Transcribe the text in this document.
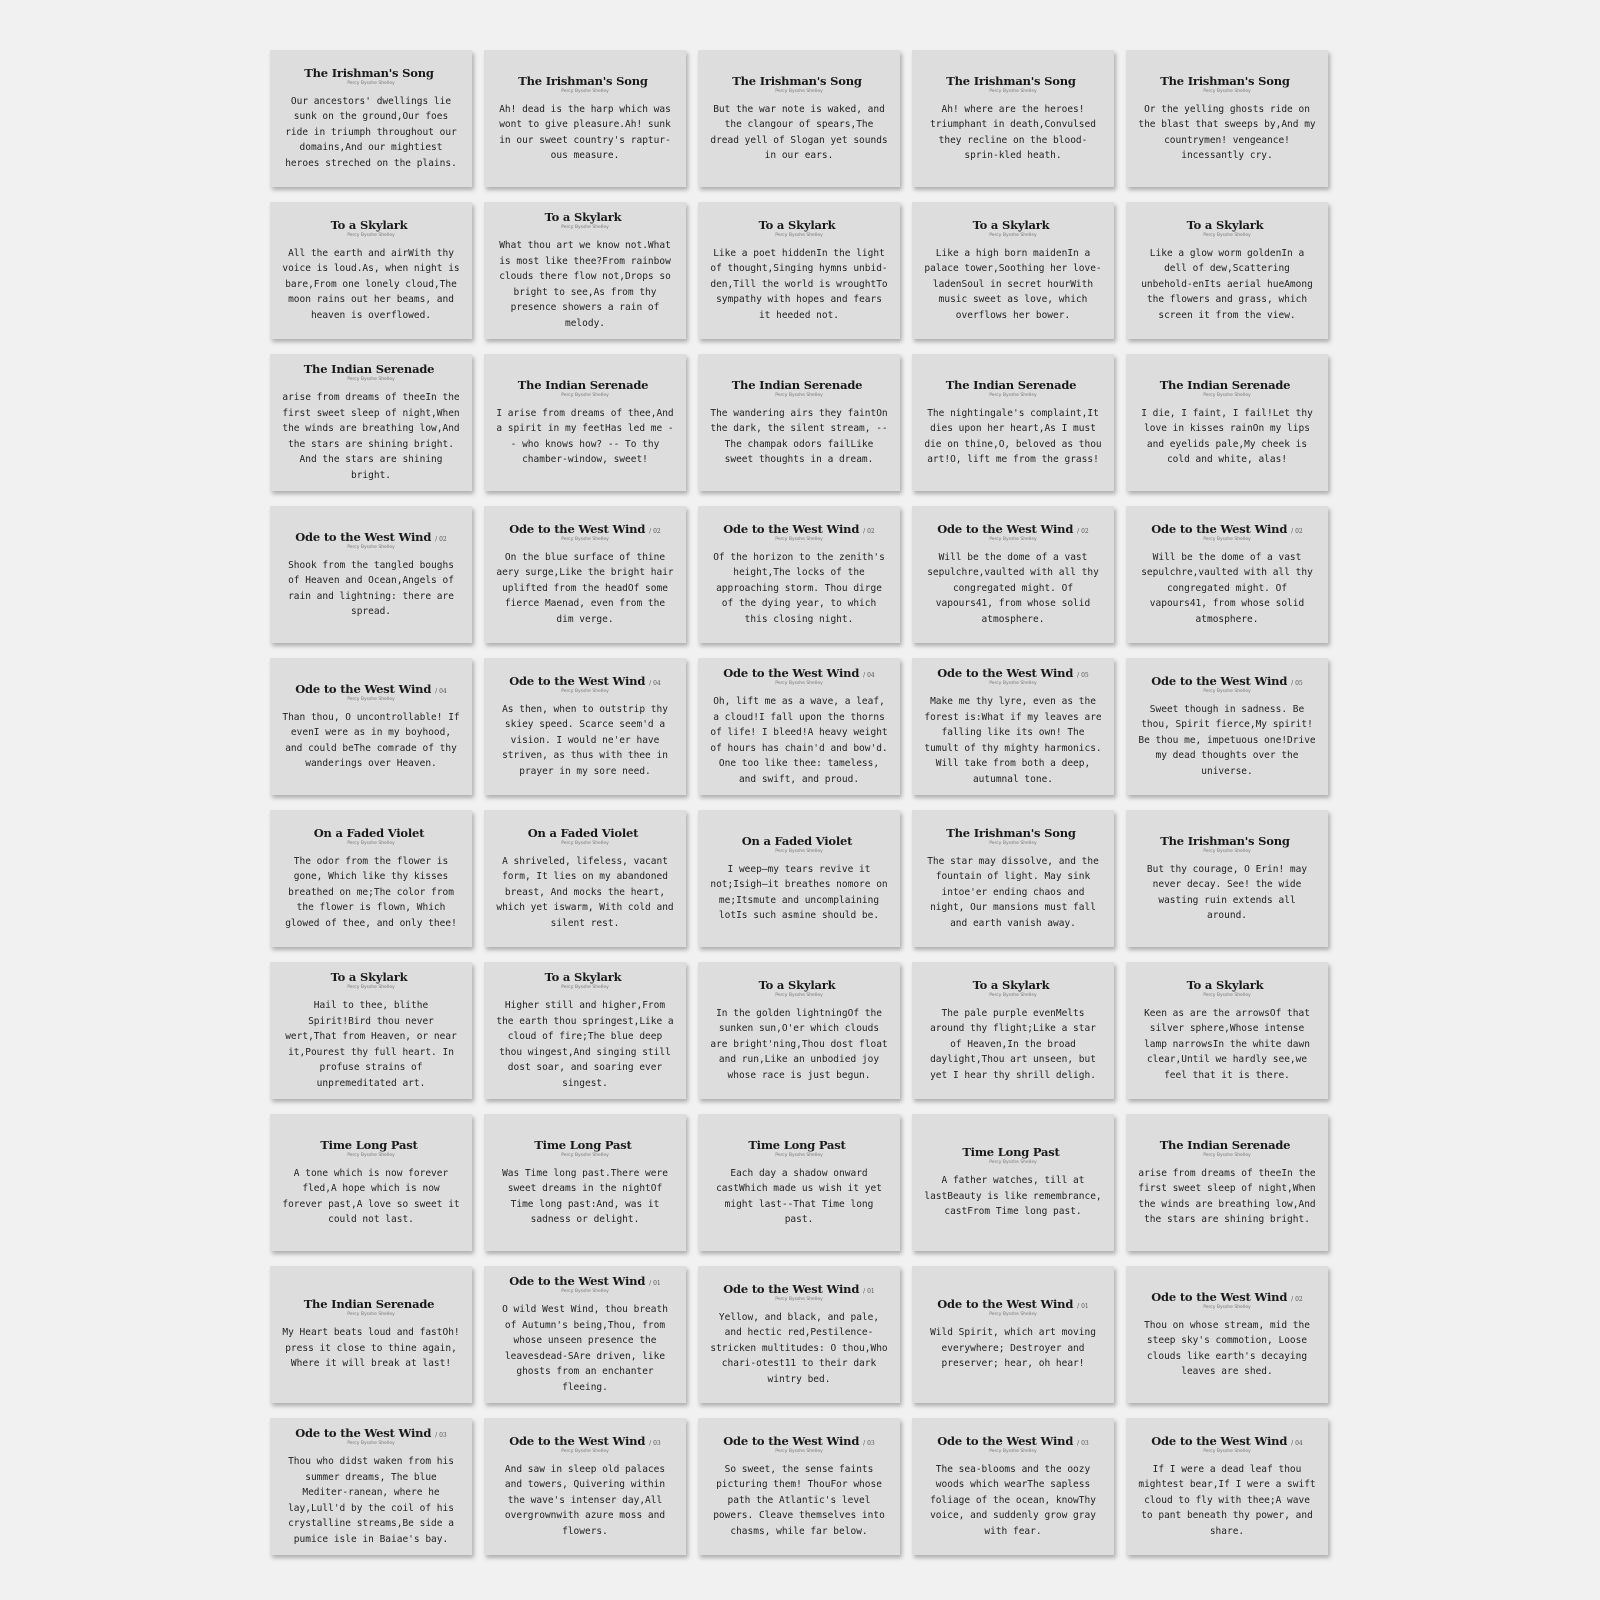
The Irishman's Song
Percy Bysshe Shelley
Our ancestors' dwellings lie sunk on the ground,Our foes ride in triumph throughout our domains,And our mightiest heroes streched on the plains.
The Irishman's Song
Percy Bysshe Shelley
Ah! dead is the harp which was wont to give pleasure.Ah! sunk in our sweet country's raptur-ous measure.
The Irishman's Song
Percy Bysshe Shelley
But the war note is waked, and the clangour of spears,The dread yell of Slogan yet sounds in our ears.
The Irishman's Song
Percy Bysshe Shelley
Ah! where are the heroes! triumphant in death,Convulsed they recline on the blood-sprin-kled heath.
The Irishman's Song
Percy Bysshe Shelley
Or the yelling ghosts ride on the blast that sweeps by,And my countrymen! vengeance! incessantly cry.
To a Skylark
Percy Bysshe Shelley
All the earth and airWith thy voice is loud.As, when night is bare,From one lonely cloud,The moon rains out her beams, and heaven is overflowed.
To a Skylark
Percy Bysshe Shelley
What thou art we know not.What is most like thee?From rainbow clouds there flow not,Drops so bright to see,As from thy presence showers a rain of melody.
To a Skylark
Percy Bysshe Shelley
Like a poet hiddenIn the light of thought,Singing hymns unbid-den,Till the world is wroughtTo sympathy with hopes and fears it heeded not.
To a Skylark
Percy Bysshe Shelley
Like a high born maidenIn a palace tower,Soothing her love-ladenSoul in secret hourWith music sweet as love, which overflows her bower.
To a Skylark
Percy Bysshe Shelley
Like a glow worm goldenIn a dell of dew,Scattering unbehold-enIts aerial hueAmong the flowers and grass, which screen it from the view.
The Indian Serenade
Percy Bysshe Shelley
arise from dreams of theeIn the first sweet sleep of night,When the winds are breathing low,And the stars are shining bright. And the stars are shining bright.
The Indian Serenade
Percy Bysshe Shelley
I arise from dreams of thee,And a spirit in my feetHas led me -- who knows how? -- To thy chamber-window, sweet!
The Indian Serenade
Percy Bysshe Shelley
The wandering airs they faintOn the dark, the silent stream, --The champak odors failLike sweet thoughts in a dream.
The Indian Serenade
Percy Bysshe Shelley
The nightingale's complaint,It dies upon her heart,As I must die on thine,O, beloved as thou art!O, lift me from the grass!
The Indian Serenade
Percy Bysshe Shelley
I die, I faint, I fail!Let thy love in kisses rainOn my lips and eyelids pale,My cheek is cold and white, alas!
Ode to the West Wind / 02
Percy Bysshe Shelley
Shook from the tangled boughs of Heaven and Ocean,Angels of rain and lightning: there are spread.
Ode to the West Wind / 02
Percy Bysshe Shelley
On the blue surface of thine aery surge,Like the bright hair uplifted from the headOf some fierce Maenad, even from the dim verge.
Ode to the West Wind / 02
Percy Bysshe Shelley
Of the horizon to the zenith's height,The locks of the approaching storm. Thou dirge of the dying year, to which this closing night.
Ode to the West Wind / 02
Percy Bysshe Shelley
Will be the dome of a vast sepulchre,vaulted with all thy congregated might. Of vapours41, from whose solid atmosphere.
Ode to the West Wind / 02
Percy Bysshe Shelley
Will be the dome of a vast sepulchre,vaulted with all thy congregated might. Of vapours41, from whose solid atmosphere.
Ode to the West Wind / 04
Percy Bysshe Shelley
Than thou, O uncontrollable! If evenI were as in my boyhood, and could beThe comrade of thy wanderings over Heaven.
Ode to the West Wind / 04
Percy Bysshe Shelley
As then, when to outstrip thy skiey speed. Scarce seem'd a vision. I would ne'er have striven, as thus with thee in prayer in my sore need.
Ode to the West Wind / 04
Percy Bysshe Shelley
Oh, lift me as a wave, a leaf, a cloud!I fall upon the thorns of life! I bleed!A heavy weight of hours has chain'd and bow'd. One too like thee: tameless, and swift, and proud.
Ode to the West Wind / 05
Percy Bysshe Shelley
Make me thy lyre, even as the forest is:What if my leaves are falling like its own! The tumult of thy mighty harmonics. Will take from both a deep, autumnal tone.
Ode to the West Wind / 05
Percy Bysshe Shelley
Sweet though in sadness. Be thou, Spirit fierce,My spirit! Be thou me, impetuous one!Drive my dead thoughts over the universe.
On a Faded Violet
Percy Bysshe Shelley
The odor from the flower is gone, Which like thy kisses breathed on me;The color from the flower is flown, Which glowed of thee, and only thee!
On a Faded Violet
Percy Bysshe Shelley
A shriveled, lifeless, vacant form, It lies on my abandoned breast, And mocks the heart, which yet iswarm, With cold and silent rest.
On a Faded Violet
Percy Bysshe Shelley
I weep—my tears revive it not;Isigh—it breathes nomore on me;Itsmute and uncomplaining lotIs such asmine should be.
The Irishman's Song
Percy Bysshe Shelley
The star may dissolve, and the fountain of light. May sink intoe'er ending chaos and night, Our mansions must fall and earth vanish away.
The Irishman's Song
Percy Bysshe Shelley
But thy courage, O Erin! may never decay. See! the wide wasting ruin extends all around.
To a Skylark
Percy Bysshe Shelley
Hail to thee, blithe Spirit!Bird thou never wert,That from Heaven, or near it,Pourest thy full heart. In profuse strains of unpremeditated art.
To a Skylark
Percy Bysshe Shelley
Higher still and higher,From the earth thou springest,Like a cloud of fire;The blue deep thou wingest,And singing still dost soar, and soaring ever singest.
To a Skylark
Percy Bysshe Shelley
In the golden lightningOf the sunken sun,O'er which clouds are bright'ning,Thou dost float and run,Like an unbodied joy whose race is just begun.
To a Skylark
Percy Bysshe Shelley
The pale purple evenMelts around thy flight;Like a star of Heaven,In the broad daylight,Thou art unseen, but yet I hear thy shrill deligh.
To a Skylark
Percy Bysshe Shelley
Keen as are the arrowsOf that silver sphere,Whose intense lamp narrowsIn the white dawn clear,Until we hardly see,we feel that it is there.
Time Long Past
Percy Bysshe Shelley
A tone which is now forever fled,A hope which is now forever past,A love so sweet it could not last.
Time Long Past
Percy Bysshe Shelley
Was Time long past.There were sweet dreams in the nightOf Time long past:And, was it sadness or delight.
Time Long Past
Percy Bysshe Shelley
Each day a shadow onward castWhich made us wish it yet might last--That Time long past.
Time Long Past
Percy Bysshe Shelley
A father watches, till at lastBeauty is like remembrance, castFrom Time long past.
The Indian Serenade
Percy Bysshe Shelley
arise from dreams of theeIn the first sweet sleep of night,When the winds are breathing low,And the stars are shining bright.
The Indian Serenade
Percy Bysshe Shelley
My Heart beats loud and fastOh! press it close to thine again, Where it will break at last!
Ode to the West Wind / 01
Percy Bysshe Shelley
O wild West Wind, thou breath of Autumn's being,Thou, from whose unseen presence the leavesdead-SAre driven, like ghosts from an enchanter fleeing.
Ode to the West Wind / 01
Percy Bysshe Shelley
Yellow, and black, and pale, and hectic red,Pestilence-stricken multitudes: O thou,Who chari-otest11 to their dark wintry bed.
Ode to the West Wind / 01
Percy Bysshe Shelley
Wild Spirit, which art moving everywhere; Destroyer and preserver; hear, oh hear!
Ode to the West Wind / 02
Percy Bysshe Shelley
Thou on whose stream, mid the steep sky's commotion, Loose clouds like earth's decaying leaves are shed.
Ode to the West Wind / 03
Percy Bysshe Shelley
Thou who didst waken from his summer dreams, The blue Mediter-ranean, where he lay,Lull'd by the coil of his crystalline streams,Be side a pumice isle in Baiae's bay.
Ode to the West Wind / 03
Percy Bysshe Shelley
And saw in sleep old palaces and towers, Quivering within the wave's intenser day,All overgrownwith azure moss and flowers.
Ode to the West Wind / 03
Percy Bysshe Shelley
So sweet, the sense faints picturing them! ThouFor whose path the Atlantic's level powers. Cleave themselves into chasms, while far below.
Ode to the West Wind / 03
Percy Bysshe Shelley
The sea-blooms and the oozy woods which wearThe sapless foliage of the ocean, knowThy voice, and suddenly grow gray with fear.
Ode to the West Wind / 04
Percy Bysshe Shelley
If I were a dead leaf thou mightest bear,If I were a swift cloud to fly with thee;A wave to pant beneath thy power, and share.
